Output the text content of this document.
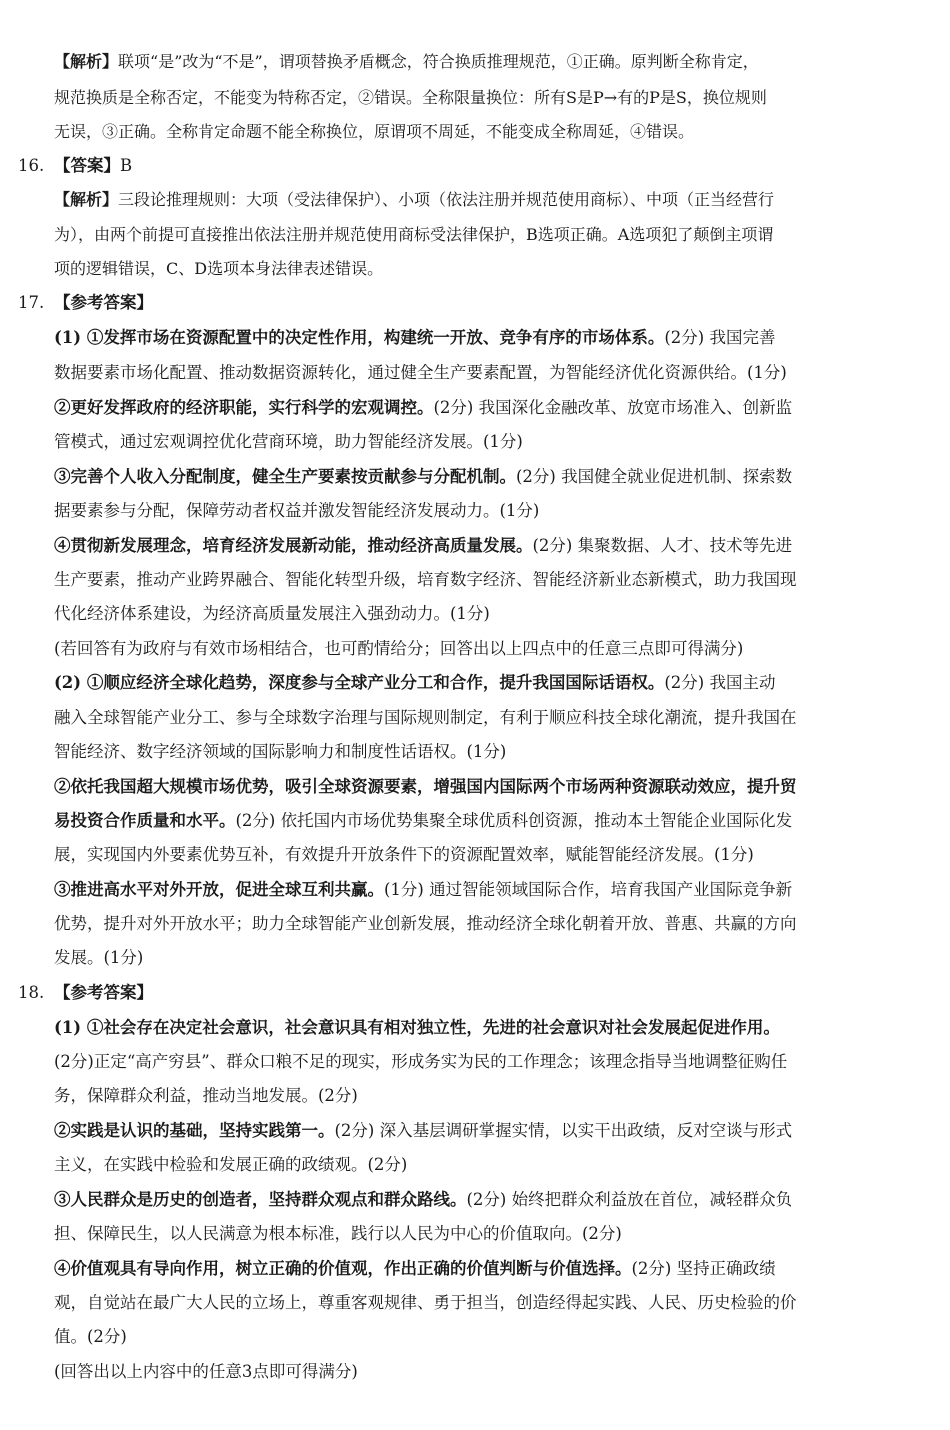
【解析】联项“是”改为“不是”，谓项替换矛盾概念，符合换质推理规范，①正确。原判断全称肯定，
规范换质是全称否定，不能变为特称否定，②错误。全称限量换位：所有S是P→有的P是S，换位规则
无误，③正确。全称肯定命题不能全称换位，原谓项不周延，不能变成全称周延，④错误。
16. 【答案】B
【解析】三段论推理规则：大项（受法律保护）、小项（依法注册并规范使用商标）、中项（正当经营行
为），由两个前提可直接推出依法注册并规范使用商标受法律保护，B选项正确。A选项犯了颠倒主项谓
项的逻辑错误，C、D选项本身法律表述错误。
17. 【参考答案】
(1) ①发挥市场在资源配置中的决定性作用，构建统一开放、竞争有序的市场体系。(2分) 我国完善
数据要素市场化配置、推动数据资源转化，通过健全生产要素配置，为智能经济优化资源供给。(1分)
②更好发挥政府的经济职能，实行科学的宏观调控。(2分) 我国深化金融改革、放宽市场准入、创新监
管模式，通过宏观调控优化营商环境，助力智能经济发展。(1分)
③完善个人收入分配制度，健全生产要素按贡献参与分配机制。(2分) 我国健全就业促进机制、探索数
据要素参与分配，保障劳动者权益并激发智能经济发展动力。(1分)
④贯彻新发展理念，培育经济发展新动能，推动经济高质量发展。(2分) 集聚数据、人才、技术等先进
生产要素，推动产业跨界融合、智能化转型升级，培育数字经济、智能经济新业态新模式，助力我国现
代化经济体系建设，为经济高质量发展注入强劲动力。(1分)
(若回答有为政府与有效市场相结合，也可酌情给分；回答出以上四点中的任意三点即可得满分)
(2) ①顺应经济全球化趋势，深度参与全球产业分工和合作，提升我国国际话语权。(2分) 我国主动
融入全球智能产业分工、参与全球数字治理与国际规则制定，有利于顺应科技全球化潮流，提升我国在
智能经济、数字经济领域的国际影响力和制度性话语权。(1分)
②依托我国超大规模市场优势，吸引全球资源要素，增强国内国际两个市场两种资源联动效应，提升贸
易投资合作质量和水平。(2分) 依托国内市场优势集聚全球优质科创资源，推动本土智能企业国际化发
展，实现国内外要素优势互补，有效提升开放条件下的资源配置效率，赋能智能经济发展。(1分)
③推进高水平对外开放，促进全球互利共赢。(1分) 通过智能领域国际合作，培育我国产业国际竞争新
优势，提升对外开放水平；助力全球智能产业创新发展，推动经济全球化朝着开放、普惠、共赢的方向
发展。(1分)
18. 【参考答案】
(1) ①社会存在决定社会意识，社会意识具有相对独立性，先进的社会意识对社会发展起促进作用。
(2分)正定“高产穷县”、群众口粮不足的现实，形成务实为民的工作理念；该理念指导当地调整征购任
务，保障群众利益，推动当地发展。(2分)
②实践是认识的基础，坚持实践第一。(2分) 深入基层调研掌握实情，以实干出政绩，反对空谈与形式
主义，在实践中检验和发展正确的政绩观。(2分)
③人民群众是历史的创造者，坚持群众观点和群众路线。(2分) 始终把群众利益放在首位，减轻群众负
担、保障民生，以人民满意为根本标准，践行以人民为中心的价值取向。(2分)
④价值观具有导向作用，树立正确的价值观，作出正确的价值判断与价值选择。(2分) 坚持正确政绩
观，自觉站在最广大人民的立场上，尊重客观规律、勇于担当，创造经得起实践、人民、历史检验的价
值。(2分)
(回答出以上内容中的任意3点即可得满分)
